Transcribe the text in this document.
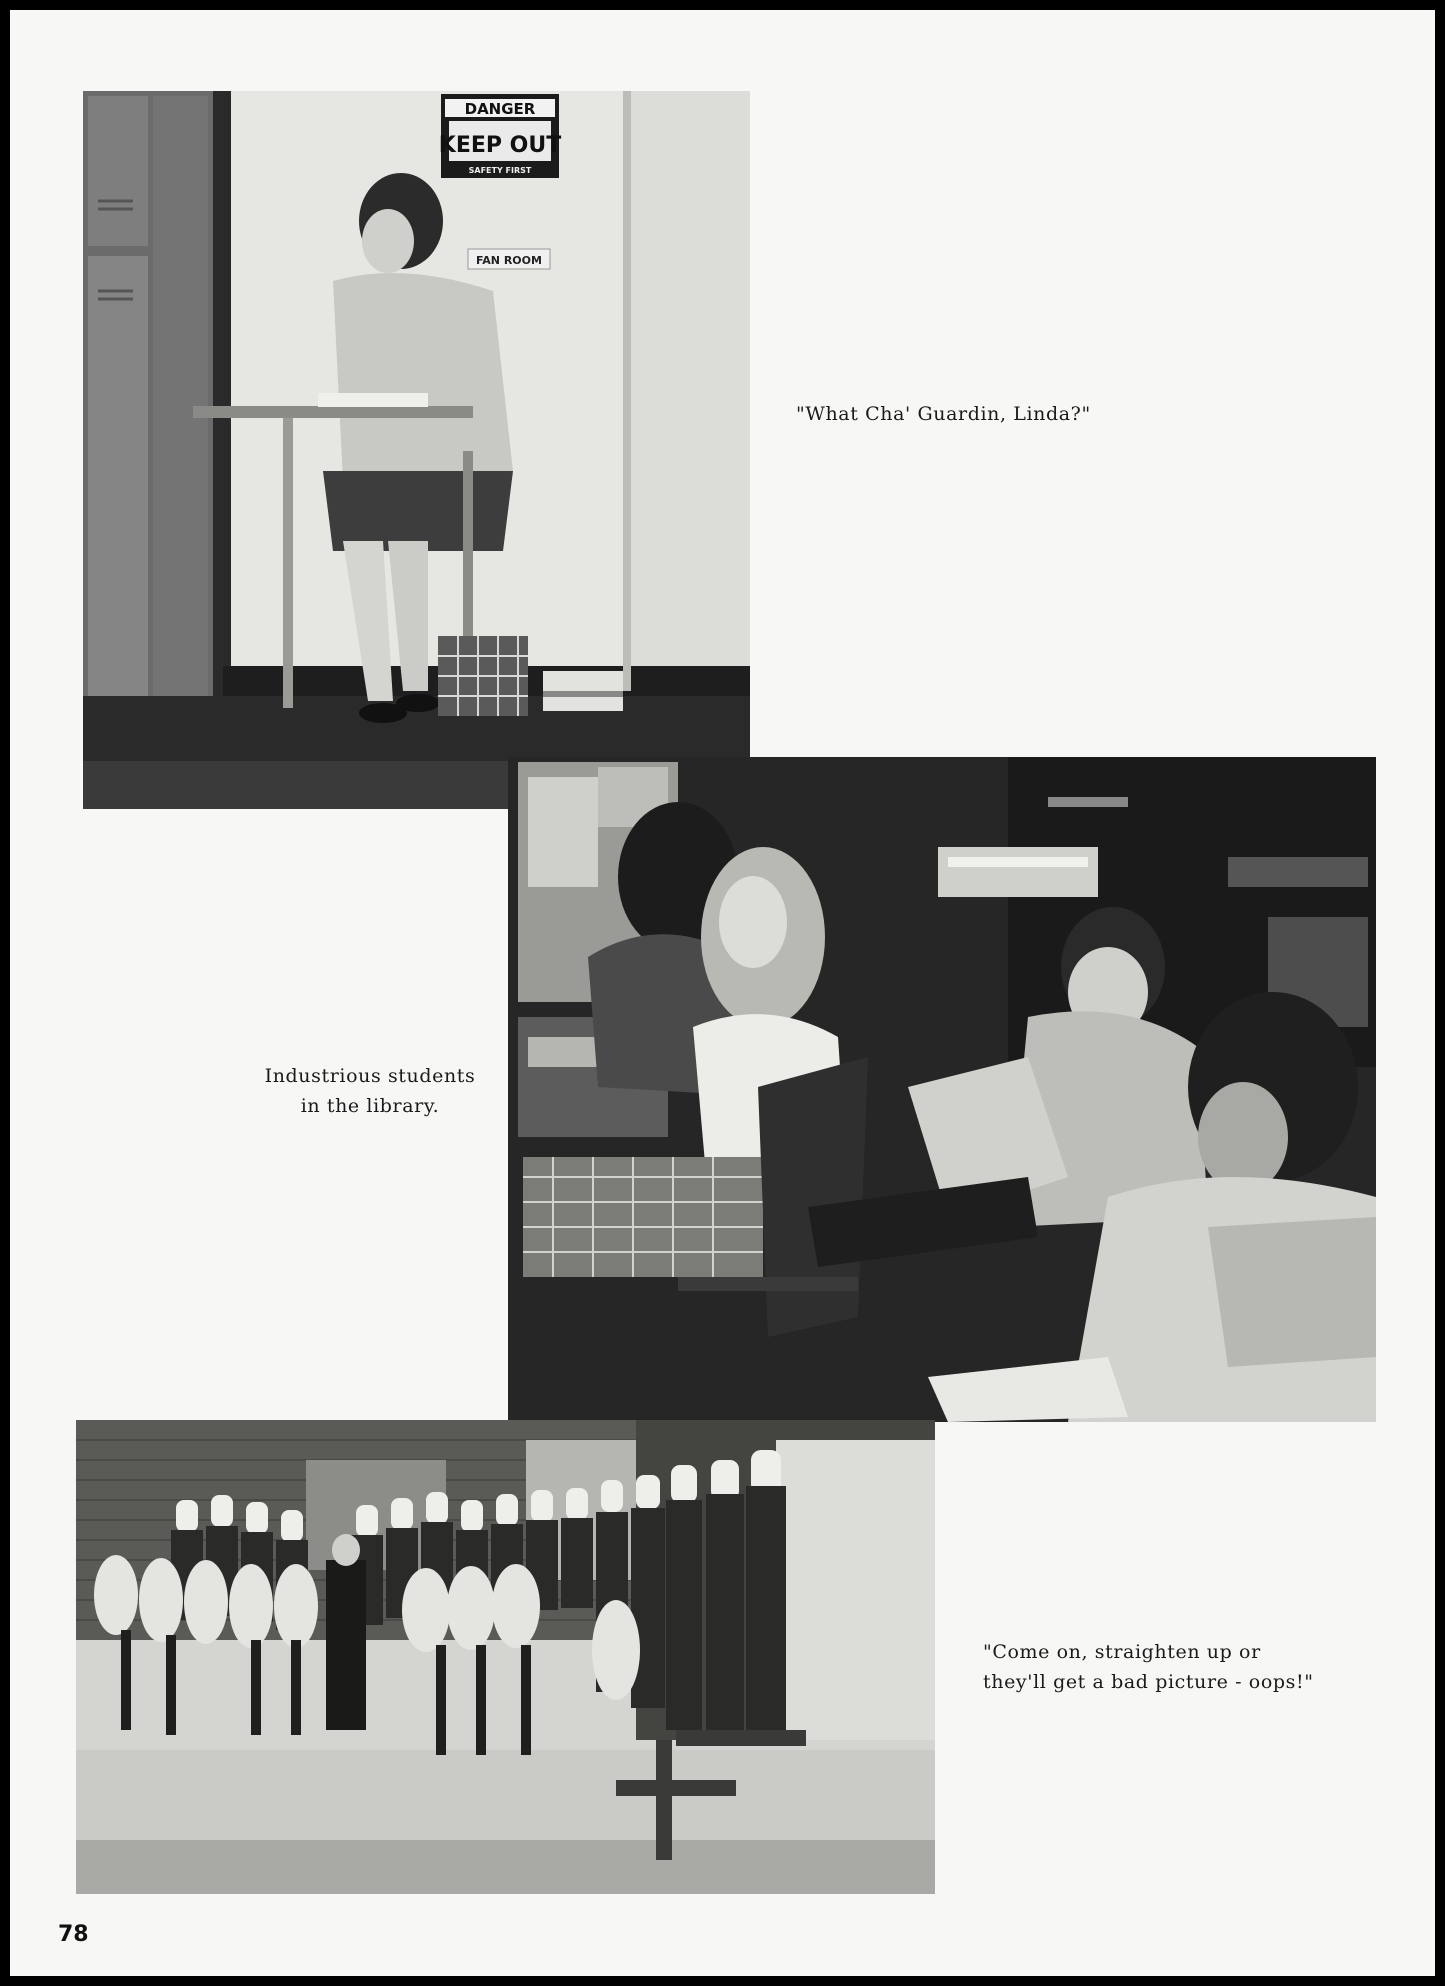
DANGER
KEEP OUT
SAFETY FIRST
FAN ROOM
"What Cha' Guardin, Linda?"
Industrious students
in the library.
"Come on, straighten up or
they'll get a bad picture - oops!"
78
